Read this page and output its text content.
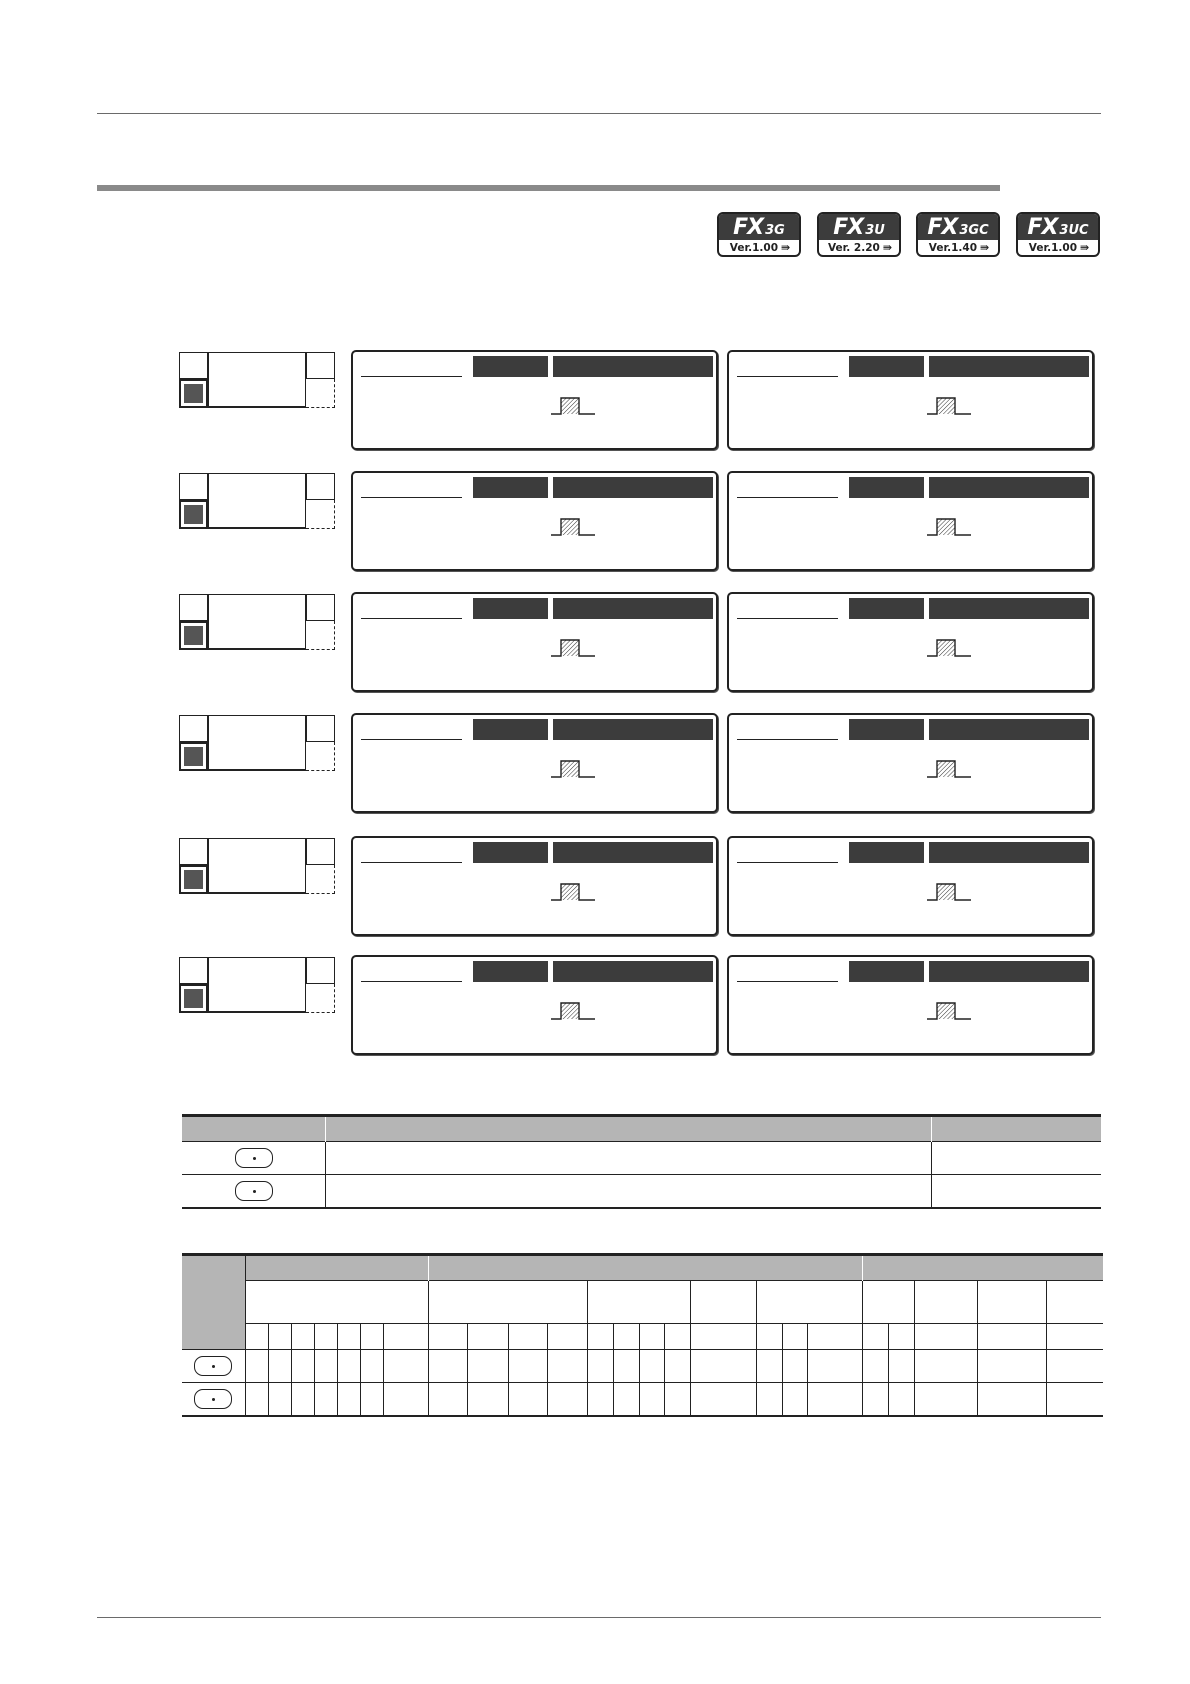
FX 3G
Ver.1.00 ⇛
FX 3U
Ver. 2.20 ⇛
FX 3GC
Ver.1.40 ⇛
FX 3UC
Ver.1.00 ⇛
